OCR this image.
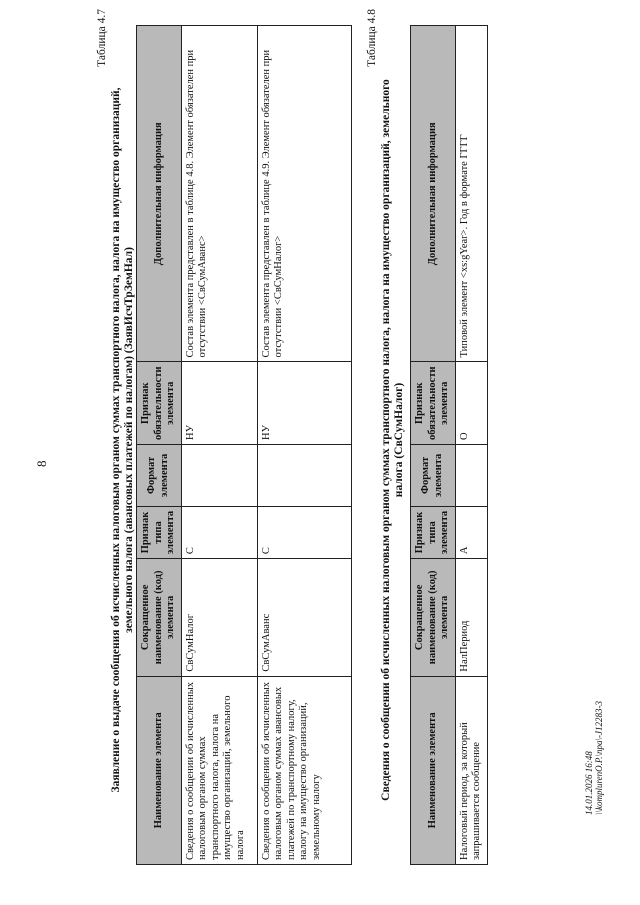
8
Таблица 4.7
Заявление о выдаче сообщения об исчисленных налоговым органом суммах транспортного налога, налога на имущество организаций, земельного налога (авансовых платежей по налогам) (ЗаявИсчТрЗемНал)
Наименование элемента	Сокращенное наименование (код) элемента	Признак типа элемента	Формат элемента	Признак обязательности элемента	Дополнительная информация
Сведения о сообщении об исчисленных налоговым органом суммах транспортного налога, налога на имущество организаций, земельного налога	СвСумНалог	С		НУ	Состав элемента представлен в таблице 4.8. Элемент обязателен при отсутствии <СвСумАванс>
Сведения о сообщении об исчисленных налоговым органом суммах авансовых платежей по транспортному налогу, налогу на имущество организаций, земельному налогу	СвСумАванс	С		НУ	Состав элемента представлен в таблице 4.9. Элемент обязателен при отсутствии <СвСумНалог>
Таблица 4.8
Сведения о сообщении об исчисленных налоговым органом суммах транспортного налога, налога на имущество организаций, земельного налога (СвСумНалог)
Наименование элемента	Сокращенное наименование (код) элемента	Признак типа элемента	Формат элемента	Признак обязательности элемента	Дополнительная информация
Налоговый период, за который запрашивается сообщение	НалПериод	А		О	Типовой элемент <xs:gYear>. Год в формате ГГГГ
14.01.2026 16:48 \\komplurenO.P.\npa\-J12283-3
